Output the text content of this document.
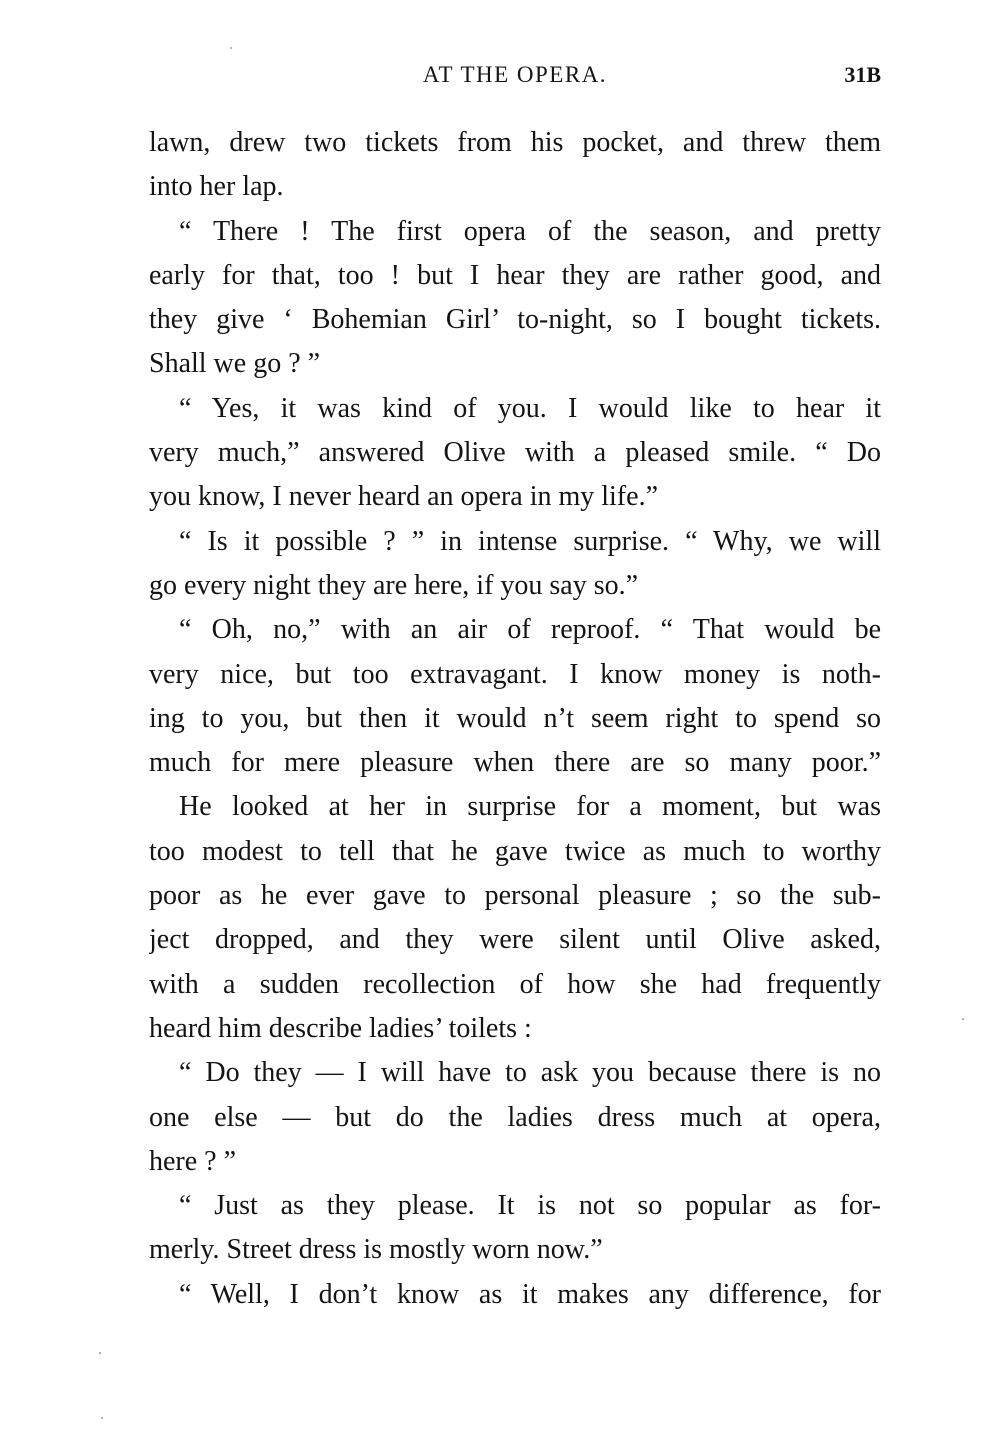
AT THE OPERA.	31B
lawn, drew two tickets from his pocket, and threw them
into her lap.
“ There ! The first opera of the season, and pretty
early for that, too ! but I hear they are rather good, and
they give ‘ Bohemian Girl’ to-night, so I bought tickets.
Shall we go ? ”
“ Yes, it was kind of you. I would like to hear it
very much,” answered Olive with a pleased smile. “ Do
you know, I never heard an opera in my life.”
“ Is it possible ? ” in intense surprise. “ Why, we will
go every night they are here, if you say so.”
“ Oh, no,” with an air of reproof. “ That would be
very nice, but too extravagant. I know money is noth-
ing to you, but then it would n’t seem right to spend so
much for mere pleasure when there are so many poor.”
He looked at her in surprise for a moment, but was
too modest to tell that he gave twice as much to worthy
poor as he ever gave to personal pleasure ; so the sub-
ject dropped, and they were silent until Olive asked,
with a sudden recollection of how she had frequently
heard him describe ladies’ toilets :
“ Do they — I will have to ask you because there is no
one else — but do the ladies dress much at opera,
here ? ”
“ Just as they please. It is not so popular as for-
merly. Street dress is mostly worn now.”
“ Well, I don’t know as it makes any difference, for
